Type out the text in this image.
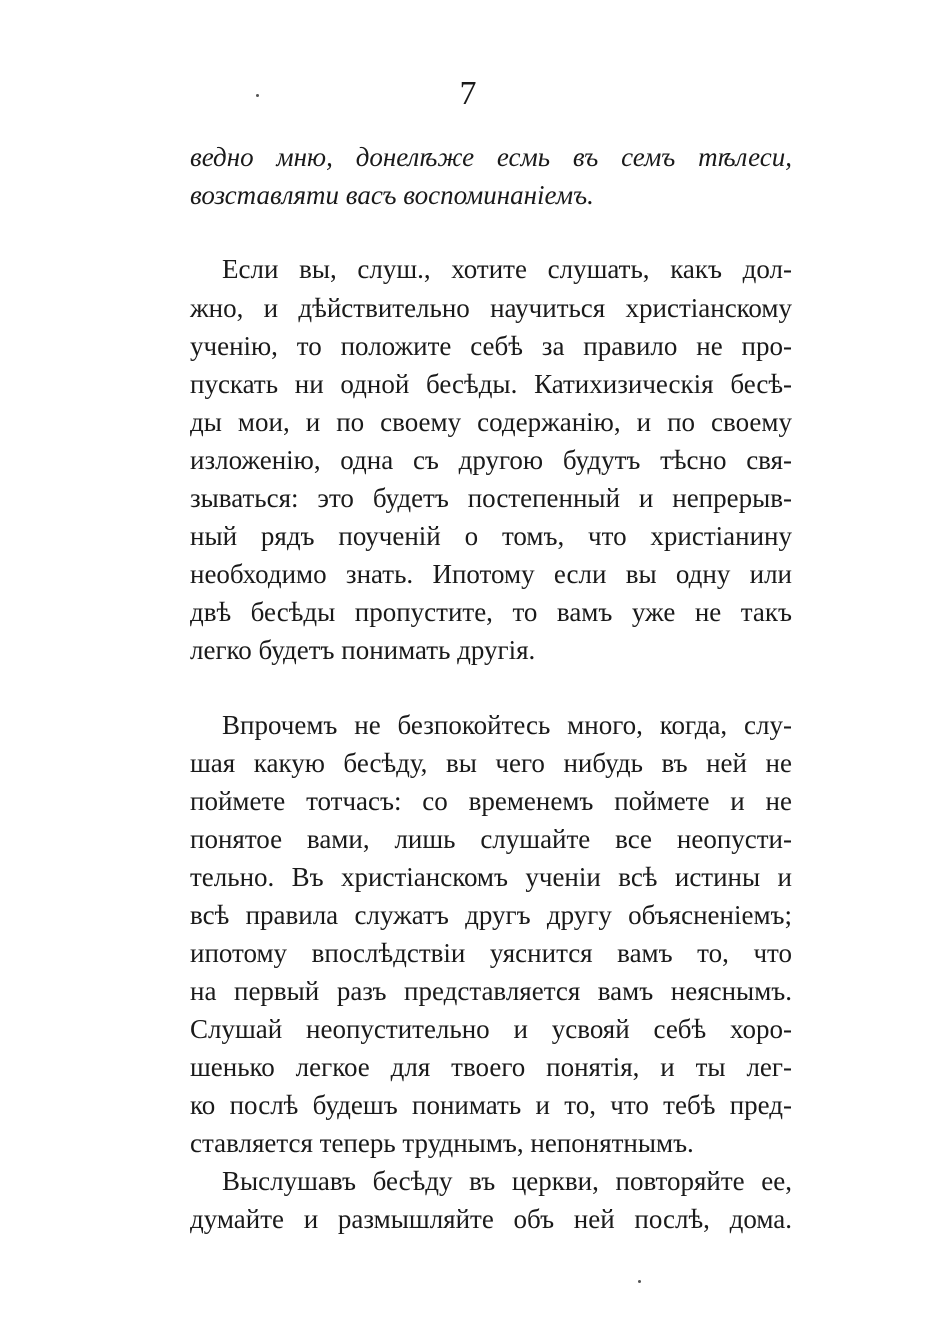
7
ведно мню, донелѣже есмь въ семъ тѣлеси,
возставляти васъ воспоминанiемъ.
Если вы, слуш., хотите слушать, какъ дол-
жно, и дѣйствительно научиться христiанскому
ученiю, то положите себѣ за правило не про-
пускать ни одной бесѣды. Катихизическiя бесѣ-
ды мои, и по своему содержанiю, и по своему
изложенiю, одна съ другою будутъ тѣсно свя-
зываться: это будетъ постепенный и непрерыв-
ный рядъ поученiй о томъ, что христiанину
необходимо знать. Ипотому если вы одну или
двѣ бесѣды пропустите, то вамъ уже не такъ
легко будетъ понимать другiя.
Впрочемъ не безпокойтесь много, когда, слу-
шая какую бесѣду, вы чего нибудь въ ней не
поймете тотчасъ: со временемъ поймете и не
понятое вами, лишь слушайте все неопусти-
тельно. Въ христiанскомъ ученiи всѣ истины и
всѣ правила служатъ другъ другу объясненiемъ;
ипотому впослѣдствiи уяснится вамъ то, что
на первый разъ представляется вамъ неяснымъ.
Слушай неопустительно и усвояй себѣ хоро-
шенько легкое для твоего понятiя, и ты лег-
ко послѣ будешъ понимать и то, что тебѣ пред-
ставляется теперь труднымъ, непонятнымъ.
Выслушавъ бесѣду въ церкви, повторяйте ее,
думайте и размышляйте объ ней послѣ, дома.
